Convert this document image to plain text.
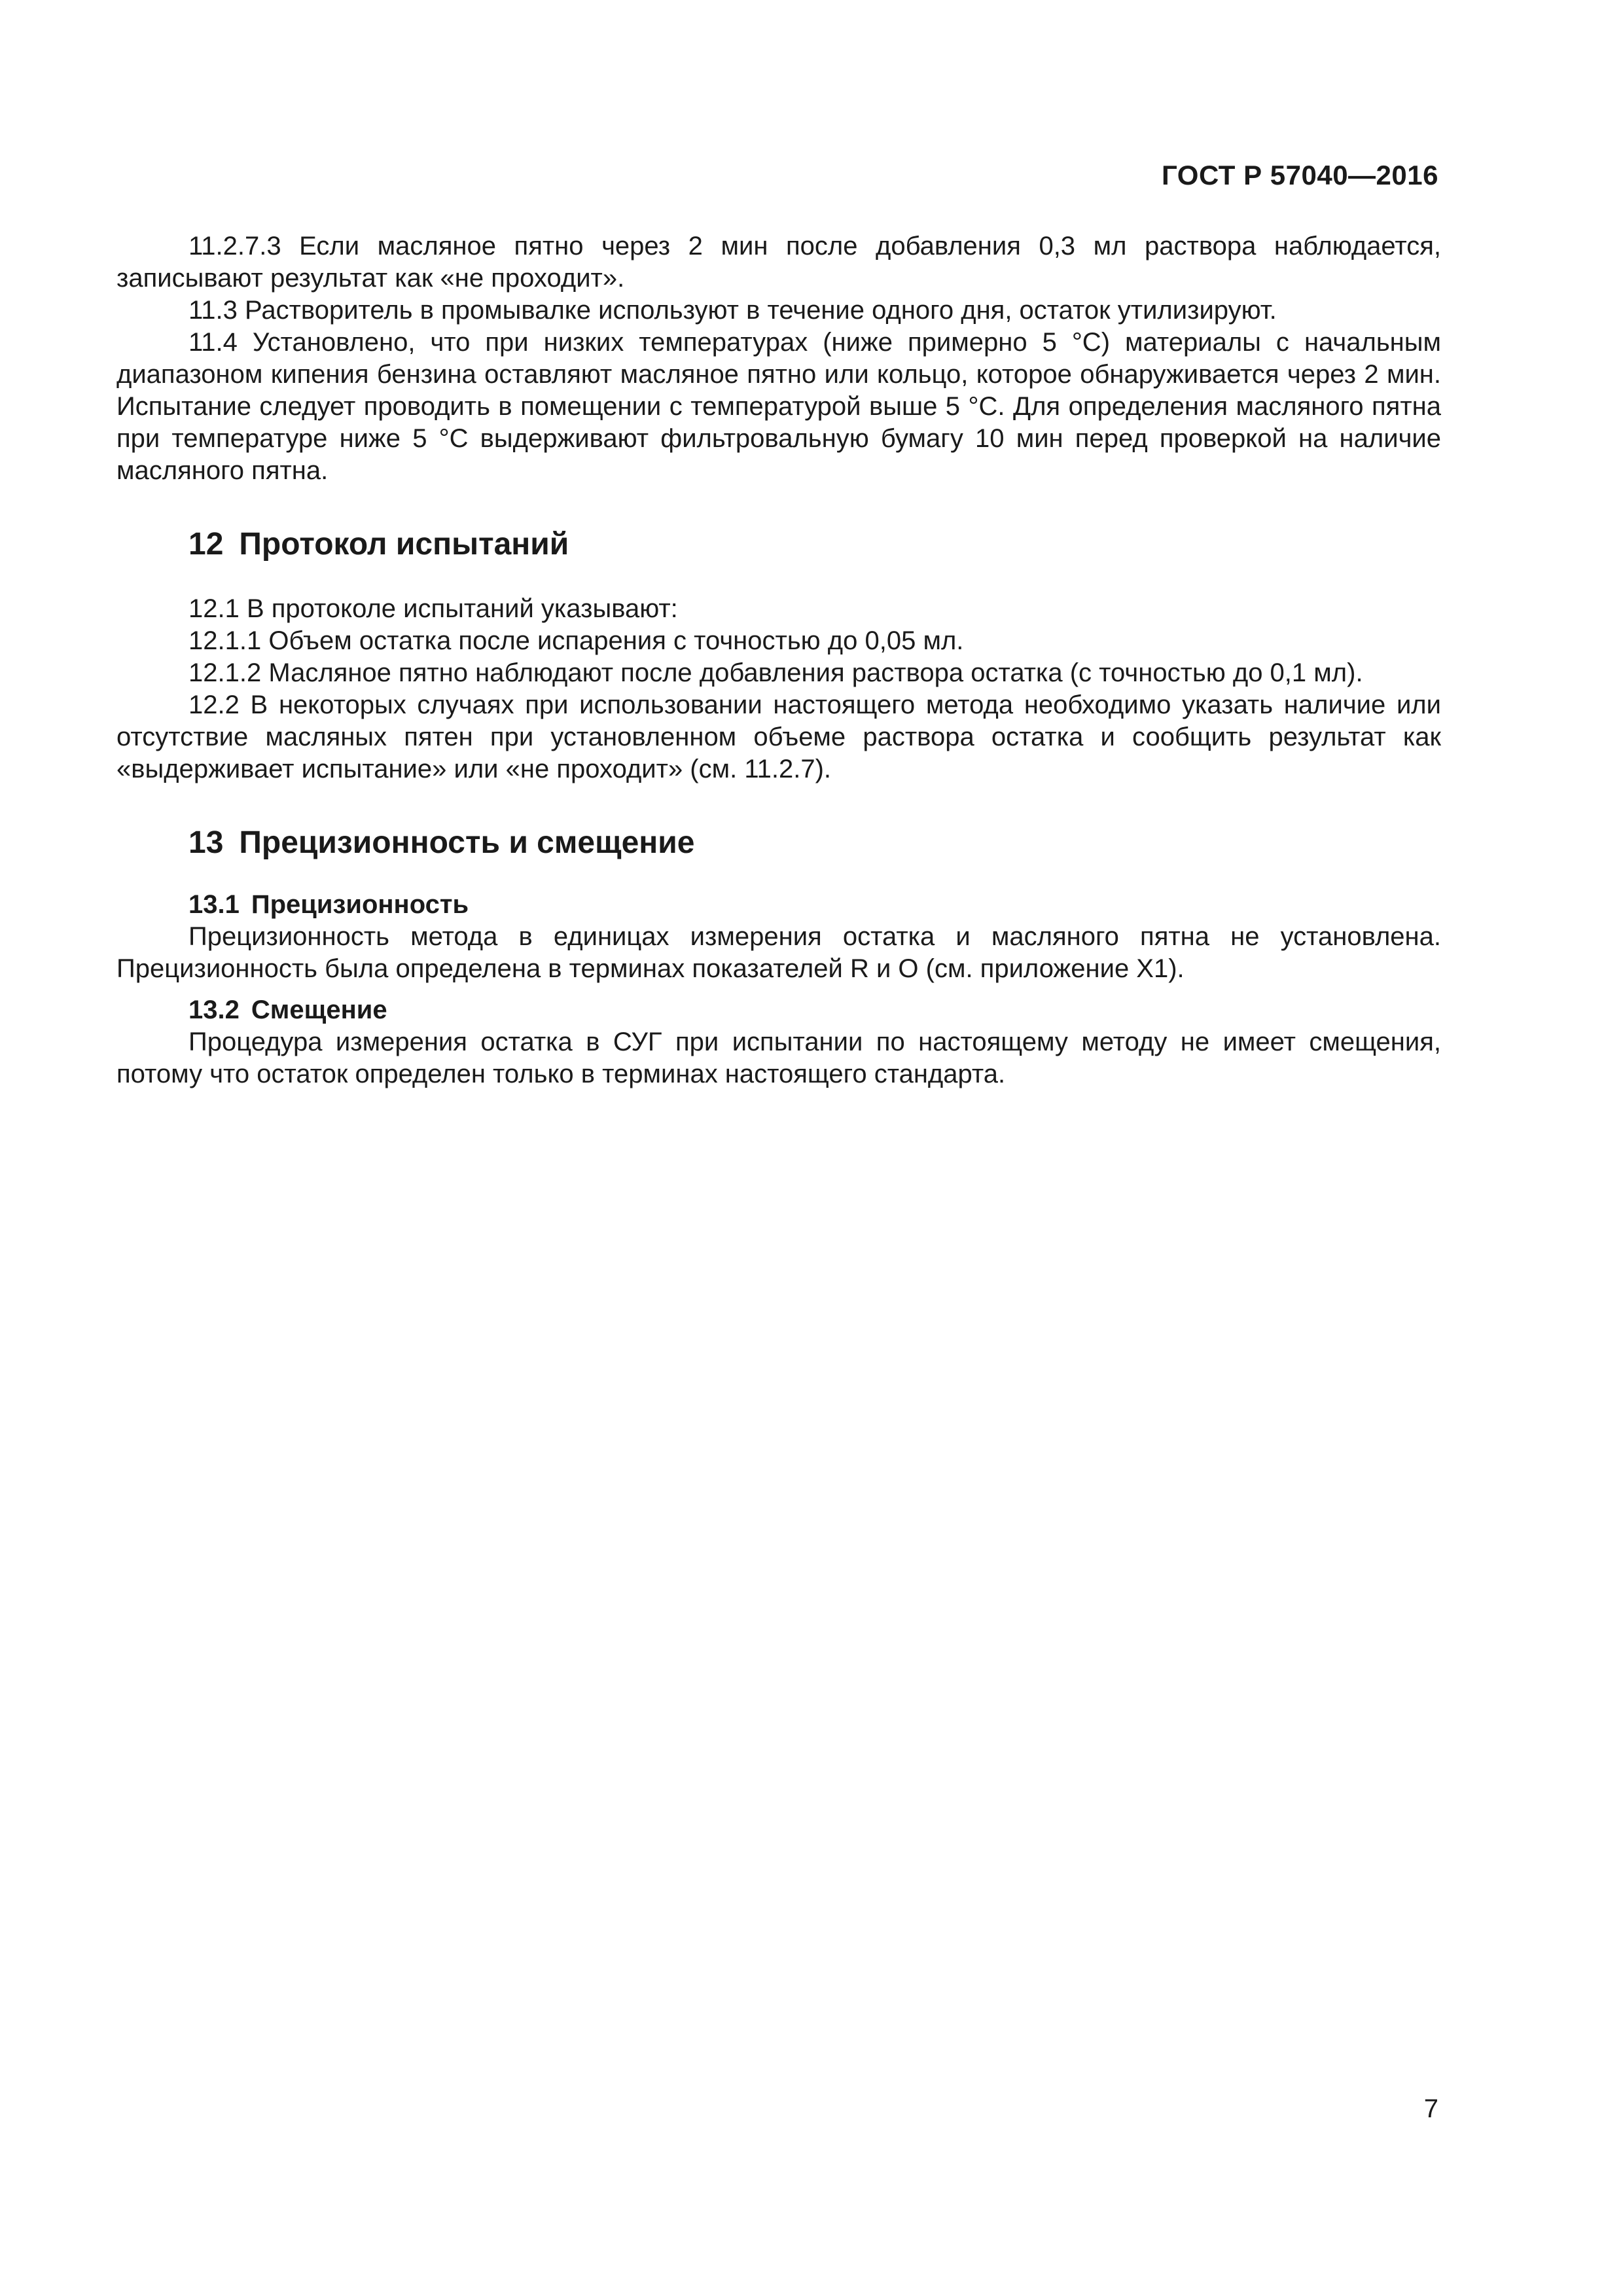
ГОСТ Р 57040—2016

11.2.7.3 Если масляное пятно через 2 мин после добавления 0,3 мл раствора наблюдается, записывают результат как «не проходит».

11.3 Растворитель в промывалке используют в течение одного дня, остаток утилизируют.

11.4 Установлено, что при низких температурах (ниже примерно 5 °С) материалы с начальным диапазоном кипения бензина оставляют масляное пятно или кольцо, которое обнаруживается через 2 мин. Испытание следует проводить в помещении с температурой выше 5 °С. Для определения масляного пятна при температуре ниже 5 °С выдерживают фильтровальную бумагу 10 мин перед проверкой на наличие масляного пятна.

12 Протокол испытаний

12.1 В протоколе испытаний указывают:

12.1.1 Объем остатка после испарения с точностью до 0,05 мл.

12.1.2 Масляное пятно наблюдают после добавления раствора остатка (с точностью до 0,1 мл).

12.2 В некоторых случаях при использовании настоящего метода необходимо указать наличие или отсутствие масляных пятен при установленном объеме раствора остатка и сообщить результат как «выдерживает испытание» или «не проходит» (см. 11.2.7).

13 Прецизионность и смещение
13.1 Прецизионность

Прецизионность метода в единицах измерения остатка и масляного пятна не установлена. Прецизионность была определена в терминах показателей R и O (см. приложение X1).

13.2 Смещение

Процедура измерения остатка в СУГ при испытании по настоящему методу не имеет смещения, потому что остаток определен только в терминах настоящего стандарта.

7
